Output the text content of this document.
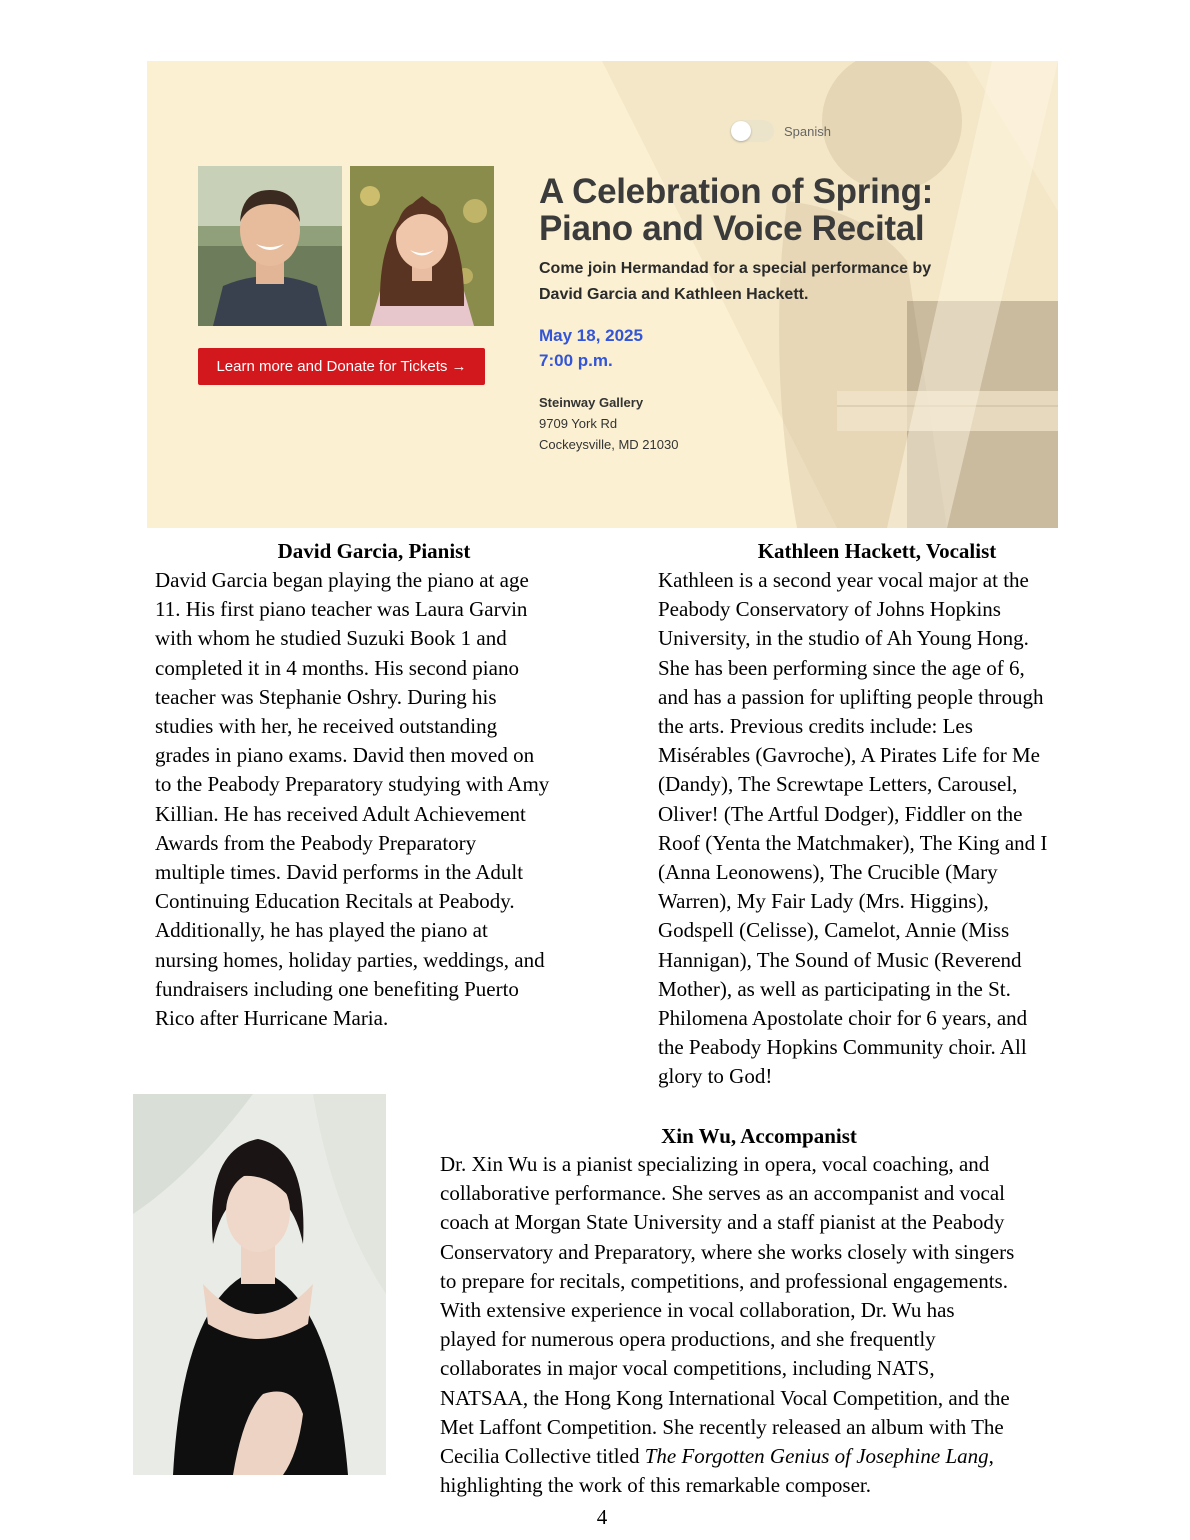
Spanish
Learn more and Donate for Tickets →
A Celebration of Spring:
Piano and Voice Recital
Come join Hermandad for a special performance by
David Garcia and Kathleen Hackett.
May 18, 2025
7:00 p.m.
Steinway Gallery
9709 York Rd
Cockeysville, MD 21030
David Garcia, Pianist
David Garcia began playing the piano at age
11. His first piano teacher was Laura Garvin
with whom he studied Suzuki Book 1 and
completed it in 4 months. His second piano
teacher was Stephanie Oshry. During his
studies with her, he received outstanding
grades in piano exams. David then moved on
to the Peabody Preparatory studying with Amy
Killian. He has received Adult Achievement
Awards from the Peabody Preparatory
multiple times. David performs in the Adult
Continuing Education Recitals at Peabody.
Additionally, he has played the piano at
nursing homes, holiday parties, weddings, and
fundraisers including one benefiting Puerto
Rico after Hurricane Maria.
Kathleen Hackett, Vocalist
Kathleen is a second year vocal major at the
Peabody Conservatory of Johns Hopkins
University, in the studio of Ah Young Hong.
She has been performing since the age of 6,
and has a passion for uplifting people through
the arts. Previous credits include: Les
Misérables (Gavroche), A Pirates Life for Me
(Dandy), The Screwtape Letters, Carousel,
Oliver! (The Artful Dodger), Fiddler on the
Roof (Yenta the Matchmaker), The King and I
(Anna Leonowens), The Crucible (Mary
Warren), My Fair Lady (Mrs. Higgins),
Godspell (Celisse), Camelot, Annie (Miss
Hannigan), The Sound of Music (Reverend
Mother), as well as participating in the St.
Philomena Apostolate choir for 6 years, and
the Peabody Hopkins Community choir. All
glory to God!
Xin Wu, Accompanist
Dr. Xin Wu is a pianist specializing in opera, vocal coaching, and
collaborative performance. She serves as an accompanist and vocal
coach at Morgan State University and a staff pianist at the Peabody
Conservatory and Preparatory, where she works closely with singers
to prepare for recitals, competitions, and professional engagements.
With extensive experience in vocal collaboration, Dr. Wu has
played for numerous opera productions, and she frequently
collaborates in major vocal competitions, including NATS,
NATSAA, the Hong Kong International Vocal Competition, and the
Met Laffont Competition. She recently released an album with The
Cecilia Collective titled The Forgotten Genius of Josephine Lang,
highlighting the work of this remarkable composer.
4
